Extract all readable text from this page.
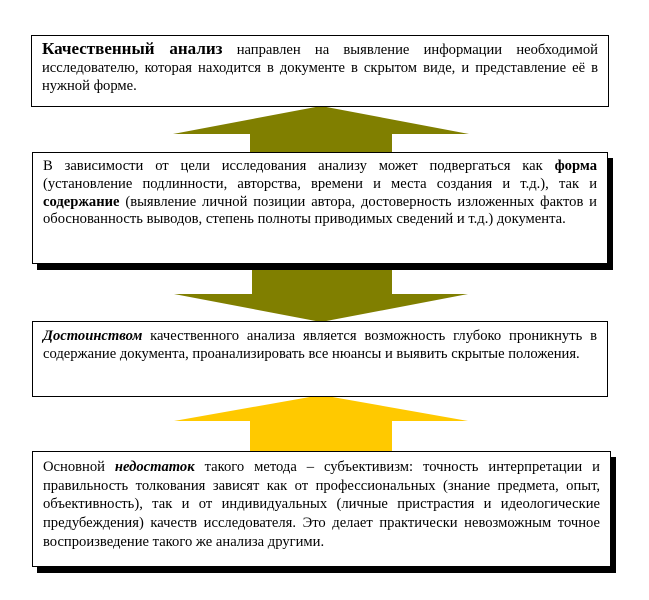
Качественный анализ направлен на выявление информации необходимой исследователю, которая находится в документе в скрытом виде, и представление её в нужной форме.
В зависимости от цели исследования анализу может подвергаться как форма (установление подлинности, авторства, времени и места создания и т.д.), так и содержание (выявление личной позиции автора, достоверность изложенных фактов и обоснованность выводов, степень полноты приводимых сведений и т.д.) документа.
Достоинством качественного анализа является возможность глубоко проникнуть в содержание документа, проанализировать все нюансы и выявить скрытые положения.
Основной недостаток такого метода – субъективизм: точность интерпретации и правильность толкования зависят как от профессиональных (знание предмета, опыт, объективность), так и от индивидуальных (личные пристрастия и идеологические предубеждения) качеств исследователя. Это делает практически невозможным точное воспроизведение такого же анализа другими.
